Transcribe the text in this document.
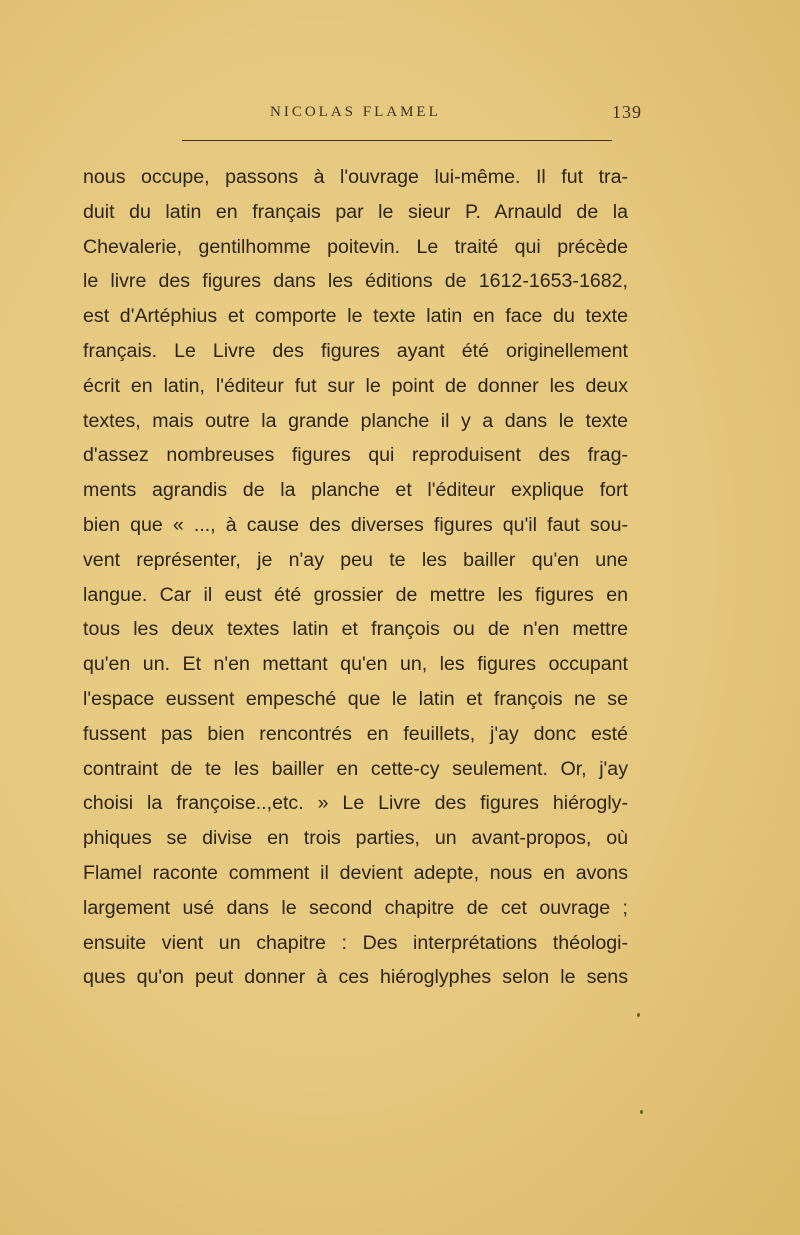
NICOLAS FLAMEL	139
nous occupe, passons à l'ouvrage lui-même. Il fut tra-
duit du latin en français par le sieur P. Arnauld de la
Chevalerie, gentilhomme poitevin. Le traité qui précède
le livre des figures dans les éditions de 1612-1653-1682,
est d'Artéphius et comporte le texte latin en face du texte
français. Le Livre des figures ayant été originellement
écrit en latin, l'éditeur fut sur le point de donner les deux
textes, mais outre la grande planche il y a dans le texte
d'assez nombreuses figures qui reproduisent des frag-
ments agrandis de la planche et l'éditeur explique fort
bien que « ..., à cause des diverses figures qu'il faut sou-
vent représenter, je n'ay peu te les bailler qu'en une
langue. Car il eust été grossier de mettre les figures en
tous les deux textes latin et françois ou de n'en mettre
qu'en un. Et n'en mettant qu'en un, les figures occupant
l'espace eussent empesché que le latin et françois ne se
fussent pas bien rencontrés en feuillets, j'ay donc esté
contraint de te les bailler en cette-cy seulement. Or, j'ay
choisi la françoise..,etc. » Le Livre des figures hiérogly-
phiques se divise en trois parties, un avant-propos, où
Flamel raconte comment il devient adepte, nous en avons
largement usé dans le second chapitre de cet ouvrage ;
ensuite vient un chapitre : Des interprétations théologi-
ques qu'on peut donner à ces hiéroglyphes selon le sens
